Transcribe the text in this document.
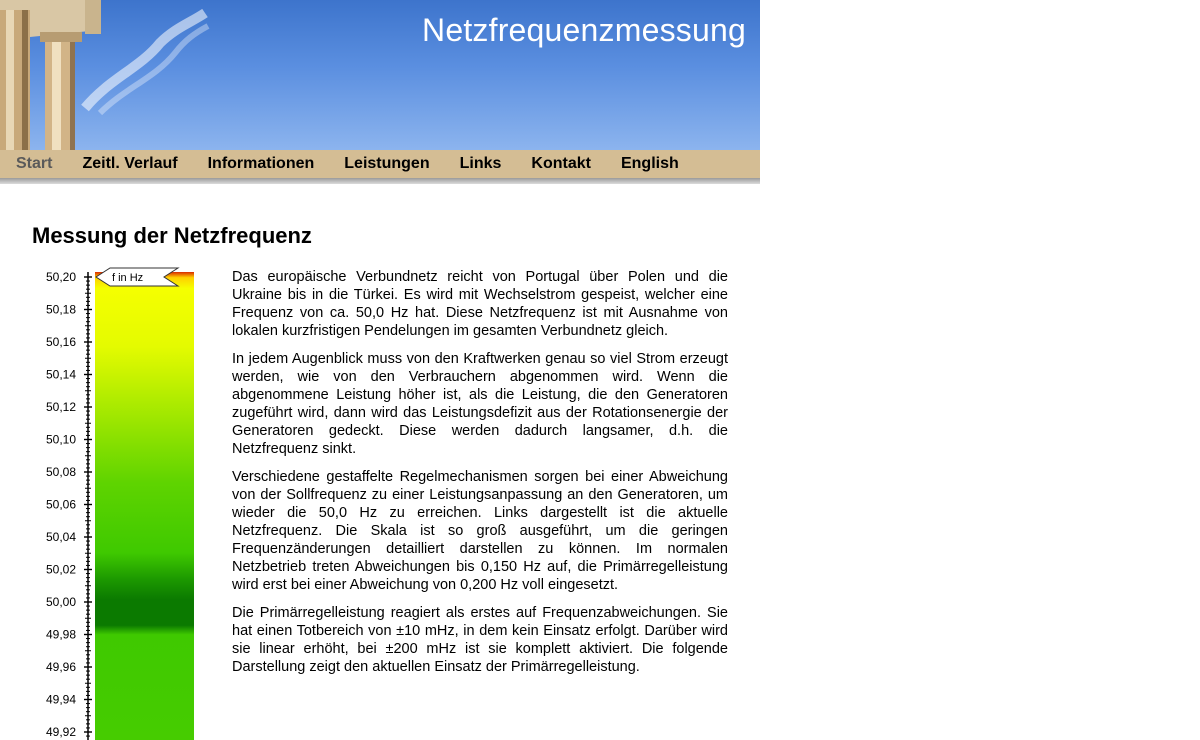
Netzfrequenzmessung
Start Zeitl. Verlauf Informationen Leistungen Links Kontakt English
Messung der Netzfrequenz
50,20
50,18
50,16
50,14
50,12
50,10
50,08
50,06
50,04
50,02
50,00
49,98
49,96
49,94
49,92
f in Hz	Das europäische Verbundnetz reicht von Portugal über Polen und die Ukraine bis in die Türkei. Es wird mit Wechselstrom gespeist, welcher eine Frequenz von ca. 50,0 Hz hat. Diese Netzfrequenz ist mit Ausnahme von lokalen kurzfristigen Pendelungen im gesamten Verbundnetz gleich.

In jedem Augenblick muss von den Kraftwerken genau so viel Strom erzeugt werden, wie von den Verbrauchern abgenommen wird. Wenn die abgenommene Leistung höher ist, als die Leistung, die den Generatoren zugeführt wird, dann wird das Leistungsdefizit aus der Rotationsenergie der Generatoren gedeckt. Diese werden dadurch langsamer, d.h. die Netzfrequenz sinkt.

Verschiedene gestaffelte Regelmechanismen sorgen bei einer Abweichung von der Sollfrequenz zu einer Leistungsanpassung an den Generatoren, um wieder die 50,0 Hz zu erreichen. Links dargestellt ist die aktuelle Netzfrequenz. Die Skala ist so groß ausgeführt, um die geringen Frequenzänderungen detailliert darstellen zu können. Im normalen Netzbetrieb treten Abweichungen bis 0,150 Hz auf, die Primärregelleistung wird erst bei einer Abweichung von 0,200 Hz voll eingesetzt.

Die Primärregelleistung reagiert als erstes auf Frequenzabweichungen. Sie hat einen Totbereich von ±10 mHz, in dem kein Einsatz erfolgt. Darüber wird sie linear erhöht, bei ±200 mHz ist sie komplett aktiviert. Die folgende Darstellung zeigt den aktuellen Einsatz der Primärregelleistung.
